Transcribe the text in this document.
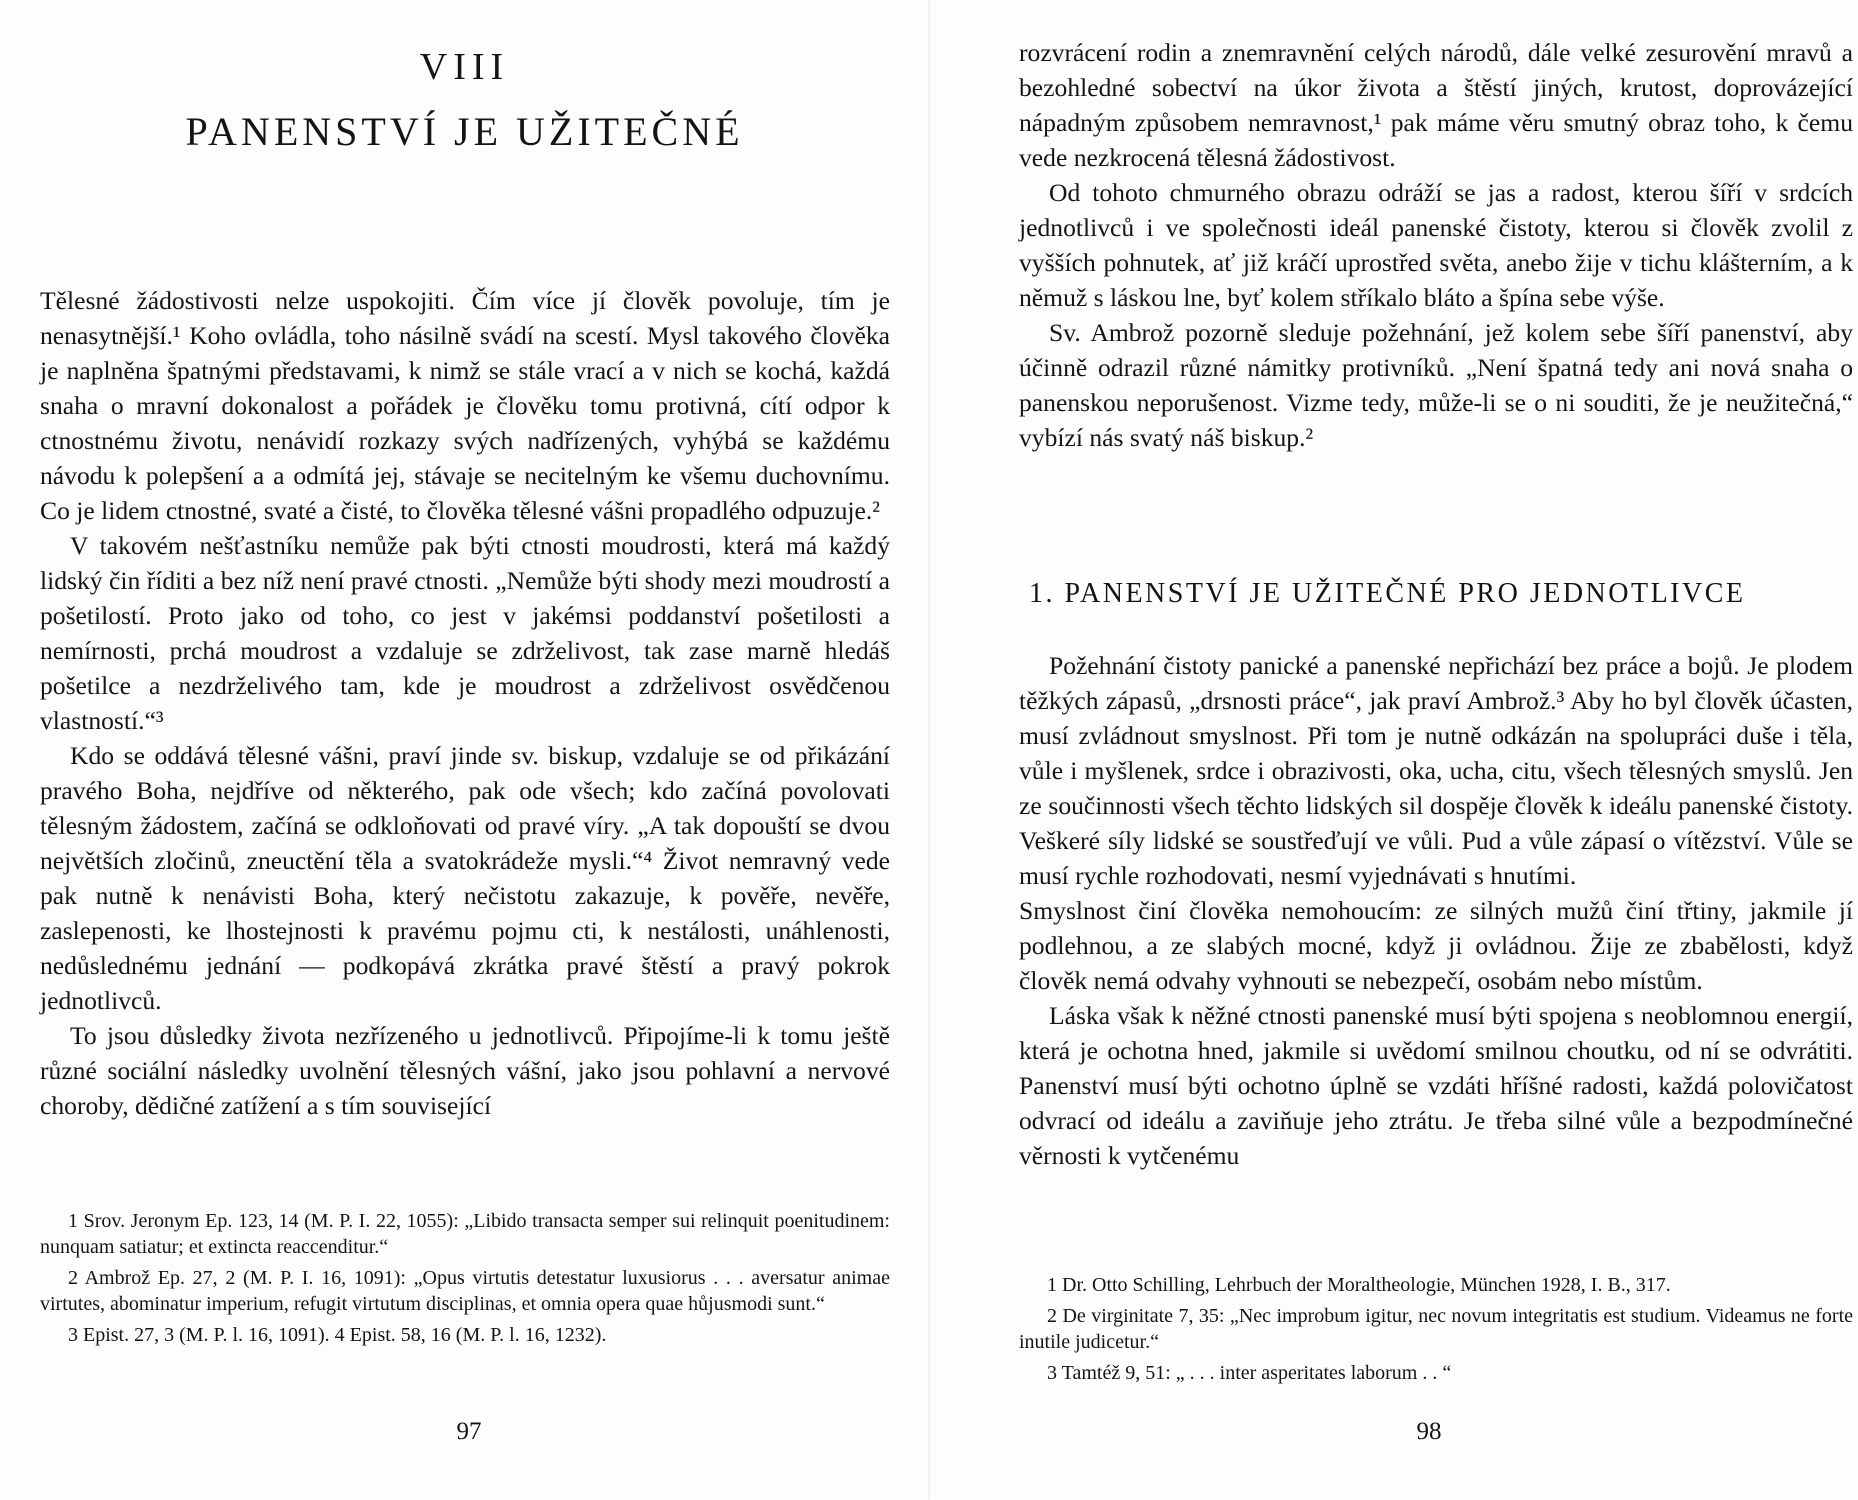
VIII
PANENSTVÍ JE UŽITEČNÉ

Tělesné žádostivosti nelze uspokojiti. Čím více jí člověk povoluje, tím je nenasytnější.¹ Koho ovládla, toho násilně svádí na scestí. Mysl takového člověka je naplněna špatnými představami, k nimž se stále vrací a v nich se kochá, každá snaha o mravní dokonalost a pořádek je člověku tomu protivná, cítí odpor k ctnostnému životu, nenávidí rozkazy svých nadřízených, vyhýbá se každému návodu k polepšení a a odmítá jej, stávaje se necitelným ke všemu duchovnímu. Co je lidem ctnostné, svaté a čisté, to člověka tělesné vášni propadlého odpuzuje.²

V takovém nešťastníku nemůže pak býti ctnosti moudrosti, která má každý lidský čin říditi a bez níž není pravé ctnosti. „Nemůže býti shody mezi moudrostí a pošetilostí. Proto jako od toho, co jest v jakémsi poddanství pošetilosti a nemírnosti, prchá moudrost a vzdaluje se zdrželivost, tak zase marně hledáš pošetilce a nezdrželivého tam, kde je moudrost a zdrželivost osvědčenou vlastností.“³

Kdo se oddává tělesné vášni, praví jinde sv. biskup, vzdaluje se od přikázání pravého Boha, nejdříve od některého, pak ode všech; kdo začíná povolovati tělesným žádostem, začíná se odkloňovati od pravé víry. „A tak dopouští se dvou největších zločinů, zneuctění těla a svatokrádeže mysli.“⁴ Život nemravný vede pak nutně k nenávisti Boha, který nečistotu zakazuje, k pověře, nevěře, zaslepenosti, ke lhostejnosti k pravému pojmu cti, k nestálosti, unáhlenosti, nedůslednému jednání — podkopává zkrátka pravé štěstí a pravý pokrok jednotlivců.

To jsou důsledky života nezřízeného u jednotlivců. Připojíme-li k tomu ještě různé sociální následky uvolnění tělesných vášní, jako jsou pohlavní a nervové choroby, dědičné zatížení a s tím související

1 Srov. Jeronym Ep. 123, 14 (M. P. I. 22, 1055): „Libido transacta semper sui relinquit poenitudinem: nunquam satiatur; et extincta reaccenditur.“

2 Ambrož Ep. 27, 2 (M. P. I. 16, 1091): „Opus virtutis detestatur luxusiorus . . . aversatur animae virtutes, abominatur imperium, refugit virtutum disciplinas, et omnia opera quae hůjusmodi sunt.“

3 Epist. 27, 3 (M. P. l. 16, 1091). 4 Epist. 58, 16 (M. P. l. 16, 1232).

97

rozvrácení rodin a znemravnění celých národů, dále velké zesurovění mravů a bezohledné sobectví na úkor života a štěstí jiných, krutost, doprovázející nápadným způsobem nemravnost,¹ pak máme věru smutný obraz toho, k čemu vede nezkrocená tělesná žádostivost.

Od tohoto chmurného obrazu odráží se jas a radost, kterou šíří v srdcích jednotlivců i ve společnosti ideál panenské čistoty, kterou si člověk zvolil z vyšších pohnutek, ať již kráčí uprostřed světa, anebo žije v tichu klášterním, a k němuž s láskou lne, byť kolem stříkalo bláto a špína sebe výše.

Sv. Ambrož pozorně sleduje požehnání, jež kolem sebe šíří panenství, aby účinně odrazil různé námitky protivníků. „Není špatná tedy ani nová snaha o panenskou neporušenost. Vizme tedy, může-li se o ni souditi, že je neužitečná,“ vybízí nás svatý náš biskup.²

1. PANENSTVÍ JE UŽITEČNÉ PRO JEDNOTLIVCE

Požehnání čistoty panické a panenské nepřichází bez práce a bojů. Je plodem těžkých zápasů, „drsnosti práce“, jak praví Ambrož.³ Aby ho byl člověk účasten, musí zvládnout smyslnost. Při tom je nutně odkázán na spolupráci duše i těla, vůle i myšlenek, srdce i obrazivosti, oka, ucha, citu, všech tělesných smyslů. Jen ze součinnosti všech těchto lidských sil dospěje člověk k ideálu panenské čistoty. Veškeré síly lidské se soustřeďují ve vůli. Pud a vůle zápasí o vítězství. Vůle se musí rychle rozhodovati, nesmí vyjednávati s hnutími.

Smyslnost činí člověka nemohoucím: ze silných mužů činí třtiny, jakmile jí podlehnou, a ze slabých mocné, když ji ovládnou. Žije ze zbabělosti, když člověk nemá odvahy vyhnouti se nebezpečí, osobám nebo místům.

Láska však k něžné ctnosti panenské musí býti spojena s neoblomnou energií, která je ochotna hned, jakmile si uvědomí smilnou choutku, od ní se odvrátiti. Panenství musí býti ochotno úplně se vzdáti hříšné radosti, každá polovičatost odvrací od ideálu a zaviňuje jeho ztrátu. Je třeba silné vůle a bezpodmínečné věrnosti k vytčenému

1 Dr. Otto Schilling, Lehrbuch der Moraltheologie, München 1928, I. B., 317.

2 De virginitate 7, 35: „Nec improbum igitur, nec novum integritatis est studium. Videamus ne forte inutile judicetur.“

3 Tamtéž 9, 51: „ . . . inter asperitates laborum . . “

98
